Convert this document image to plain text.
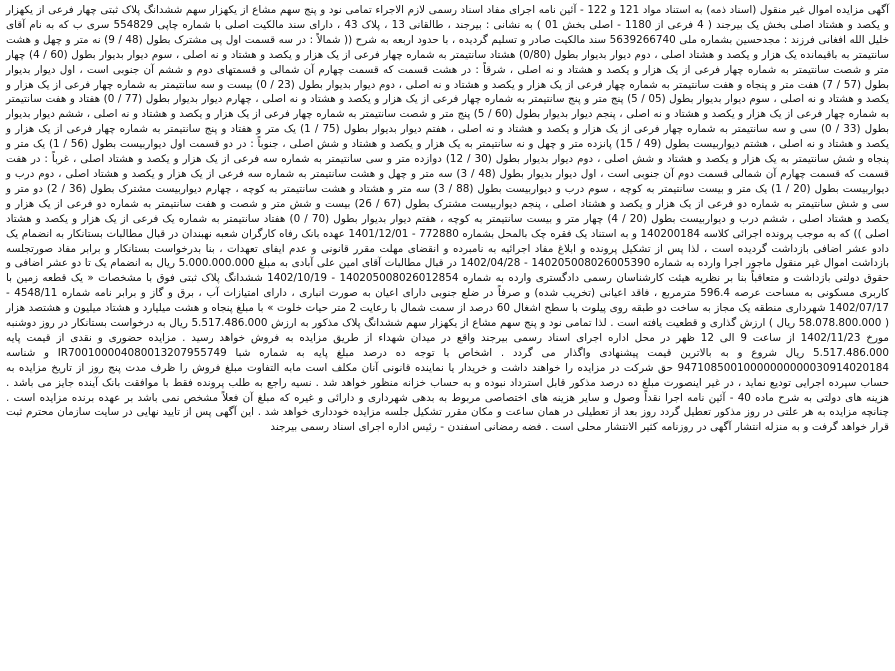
آگهی مزایده اموال غیر منقول (اسناد ذمه) به استناد مواد 121 و 122 - آئین نامه اجرای مفاد اسناد رسمی لازم الاجراء تمامی نود و پنج سهم مشاع از یکهزار سهم ششدانگ پلاک ثبتی چهار فرعی از یکهزار و یکصد و هشتاد اصلی بخش یک بیرجند ( 4 فرعی از 1180 - اصلی بخش 01 ) به نشانی : بیرجند ، طالقانی 13 ، پلاک 43 ، دارای سند مالکیت اصلی با شماره چاپی 554829 سری ب که به نام آقای خلیل الله افغانی فرزند : مجدحسین بشماره ملی 5639266740 سند مالکیت صادر و تسلیم گردیده ، با حدود اربعه به شرح (( شمالاً : در سه قسمت اول پی مشترک بطول (48 / 9) نه متر و چهل و هشت سانتیمتر به باقیمانده یک هزار و یکصد و هشتاد اصلی ، دوم دیوار بدیوار بطول (0/80) هشتاد سانتیمتر به شماره چهار فرعی از یک هزار و یکصد و هشتاد و نه اصلی ، سوم دیوار بدیوار بطول (60 / 4) چهار متر و شصت سانتیمتر به شماره چهار فرعی از یک هزار و یکصد و هشتاد و نه اصلی ، شرقاً : در هشت قسمت که قسمت چهارم آن شمالی و قسمتهای دوم و ششم آن جنوبی است ، اول دیوار بدیوار بطول (57 / 7) هفت متر و پنجاه و هفت سانتیمتر به شماره چهار فرعی از یک هزار و یکصد و هشتاد و نه اصلی ، دوم دیوار بدیوار بطول (23 / 0) بیست و سه سانتیمتر به شماره چهار فرعی از یک هزار و یکصد و هشتاد و نه اصلی ، سوم دیوار بدیوار بطول (05 / 5) پنج متر و پنج سانتیمتر به شماره چهار فرعی از یک هزار و یکصد و هشتاد و نه اصلی ، چهارم دیوار بدیوار بطول (77 / 0) هفتاد و هفت سانتیمتر به شماره چهار فرعی از یک هزار و یکصد و هشتاد و نه اصلی ، پنجم دیوار بدیوار بطول (60 / 5) پنج متر و شصت سانتیمتر به شماره چهار فرعی از یک هزار و یکصد و هشتاد و نه اصلی ، ششم دیوار بدیوار بطول (33 / 0) سی و سه سانتیمتر به شماره چهار فرعی از یک هزار و یکصد و هشتاد و نه اصلی ، هفتم دیوار بدیوار بطول (75 / 1) یک متر و هفتاد و پنج سانتیمتر به شماره چهار فرعی از یک هزار و یکصد و هشتاد و نه اصلی ، هشتم دیواربیست بطول (49 / 15) پانزده متر و چهل و نه سانتیمتر به یک هزار و یکصد و هشتاد و شش اصلی ، جنوباً : در دو قسمت اول دیواربیست بطول (56 / 1) یک متر و پنجاه و شش سانتیمتر به یک هزار و یکصد و هشتاد و شش اصلی ، دوم دیوار بدیوار بطول (30 / 12) دوازده متر و سی سانتیمتر به شماره سه فرعی از یک هزار و یکصد و هشتاد اصلی ، غرباً : در هفت قسمت که قسمت چهارم آن شمالی قسمت دوم آن جنوبی است ، اول دیوار بدیوار بطول (48 / 3) سه متر و چهل و هشت سانتیمتر به شماره سه فرعی از یک هزار و یکصد و هشتاد اصلی ، دوم درب و دیواربیست بطول (20 / 1) یک متر و بیست سانتیمتر به کوچه ، سوم درب و دیواربیست بطول (88 / 3) سه متر و هشتاد و هشت سانتیمتر به کوچه ، چهارم دیواربیست مشترک بطول (36 / 2) دو متر و سی و شش سانتیمتر به شماره دو فرعی از یک هزار و یکصد و هشتاد اصلی ، پنجم دیواربیست مشترک بطول (67 / 26) بیست و شش متر و شصت و هفت سانتیمتر به شماره دو فرعی از یک هزار و یکصد و هشتاد اصلی ، ششم درب و دیواربیست بطول (20 / 4) چهار متر و بیست سانتیمتر به کوچه ، هفتم دیوار بدیوار بطول (70 / 0) هفتاد سانتیمتر به شماره یک فرعی از یک هزار و یکصد و هشتاد اصلی )) که به موجب پرونده اجرائی کلاسه 140200184 و به استناد یک فقره چک بالمحل بشماره 772880 - 1401/12/01 عهده بانک رفاه کارگران شعبه نهبندان در قبال مطالبات بستانکار به انضمام یک دادو عشر اضافی بازداشت گردیده است ، لذا پس از تشکیل پرونده و ابلاغ مفاد اجرائیه به نامبرده و انقضای مهلت مقرر قانونی و عدم ایفای تعهدات ، بنا بدرخواست بستانکار و برابر مفاد صورتجلسه بازداشت اموال غیر منقول ماجور اجرا وارده به شماره 140205008026005390 - 1402/04/28 در قبال مطالبات آقای امین علی آبادی به مبلغ 5.000.000.000 ریال به انضمام یک تا دو عشر اضافی و حقوق دولتی بازداشت و متعاقباً بنا بر نظریه هیئت کارشناسان رسمی دادگستری وارده به شماره 140205008026012854 - 1402/10/19 ششدانگ پلاک ثبتی فوق با مشخصات « یک قطعه زمین با کاربری مسکونی به مساحت عرصه 596.4 مترمربع ، فاقد اعیانی (تخریب شده) و صرفاً در ضلع جنوبی دارای اعیان به صورت انباری ، دارای امتیازات آب ، برق و گاز و برابر نامه شماره 4548/11 - 1402/07/17 شهرداری منطقه یک مجاز به ساخت دو طبقه روی پیلوت با سطح اشغال 60 درصد از سمت شمال با رعایت 2 متر حیات خلوت » با مبلغ پنجاه و هشت میلیارد و هشتاد میلیون و هشتصد هزار ( 58.078.800.000 ریال ) ارزش گذاری و قطعیت یافته است . لذا تمامی نود و پنج سهم مشاع از یکهزار سهم ششدانگ پلاک مذکور به ارزش 5.517.486.000 ریال به درخواست بستانکار در روز دوشنبه مورخ 1402/11/23 از ساعت 9 الی 12 ظهر در محل اداره اجرای اسناد رسمی بیرجند واقع در میدان شهداء از طریق مزایده به فروش خواهد رسید . مزایده حضوری و نقدی از قیمت پایه 5.517.486.000 ریال شروع و به بالاترین قیمت پیشنهادی واگذار می گردد . اشخاص با توجه ده درصد مبلغ پایه به شماره شبا IR700100004080013207955749 و شناسه 94710850010000000000030914020184 حق شرکت در مزایده را خواهند داشت و خریدار یا نماینده قانونی آنان مکلف است مابه التفاوت مبلغ فروش را ظرف مدت پنج روز از تاریخ مزایده به حساب سپرده اجرایی تودیع نماید ، در غیر اینصورت مبلغ ده درصد مذکور قابل استرداد نبوده و به حساب خزانه منظور خواهد شد . نسیه راجع به طلب پرونده فقط با موافقت بانک آینده جایز می باشد . هزینه های دولتی به شرح ماده 40 - آئین نامه اجرا نقداً وصول و سایر هزینه های اختصاصی مربوط به بدهی شهرداری و دارائی و غیره که مبلغ آن فعلاً مشخص نمی باشد بر عهده برنده مزایده است . چنانچه مزایده به هر علتی در روز مذکور تعطیل گردد روز بعد از تعطیلی در همان ساعت و مکان مقرر تشکیل جلسه مزایده خودداری خواهد شد . این آگهی پس از تایید نهایی در سایت سازمان محترم ثبت قرار خواهد گرفت و به منزله انتشار آگهی در روزنامه کثیر الانتشار محلی است . فضه رمضانی اسفندن - رئیس اداره اجرای اسناد رسمی بیرجند
